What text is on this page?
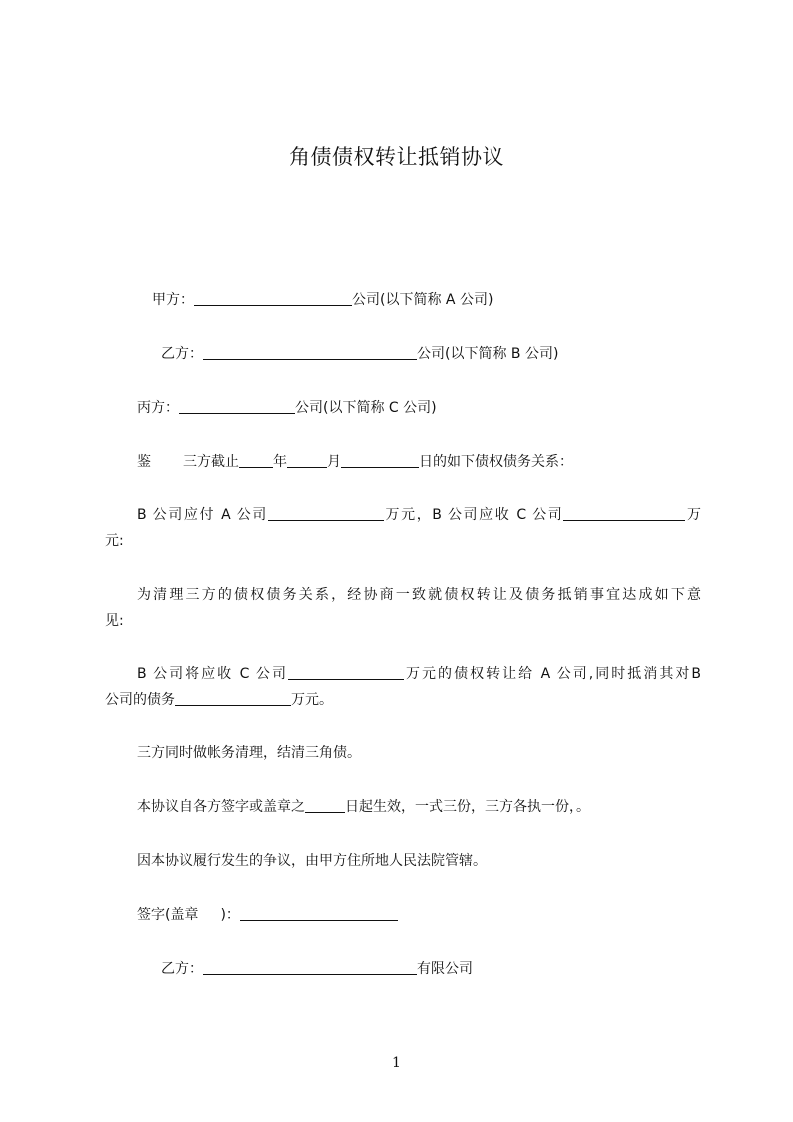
角债债权转让抵销协议
甲方：	公司(以下简称 A 公司)
乙方：	公司(以下简称 B 公司)
丙方：	公司(以下简称 C 公司)
鉴 三方截止 年	月	日的如下债权债务关系：
B 公司应付 A 公司	万元，B 公司应收 C 公司	万
元:
为清理三方的债权债务关系，经协商一致就债权转让及债务抵销事宜达成如下意
见:
B 公司将应收 C 公司	万元的债权转让给 A 公司,同时抵消其对B
公司的债务	万元。
三方同时做帐务清理，结清三角债。
本协议自各方签字或盖章之	日起生效，一式三份，三方各执一份，。
因本协议履行发生的争议，由甲方住所地人民法院管辖。
签字(盖章 )：
乙方：	有限公司
1
